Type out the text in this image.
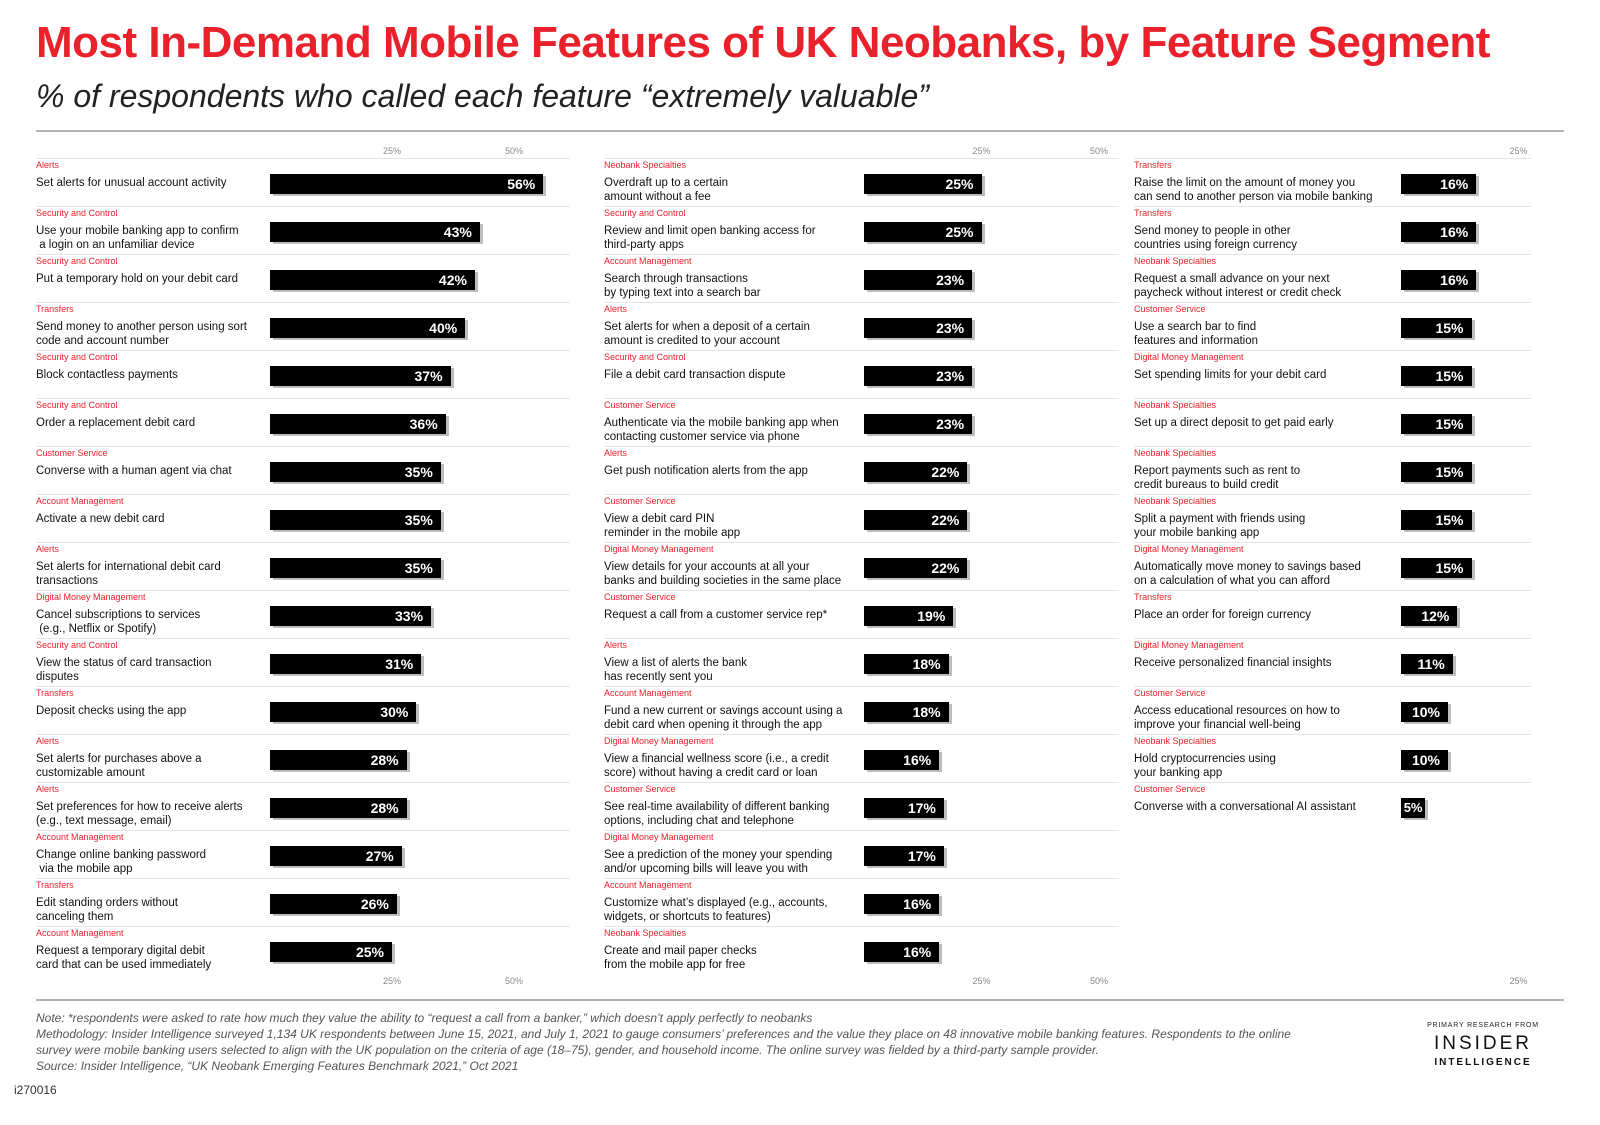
Most In-Demand Mobile Features of UK Neobanks, by Feature Segment
% of respondents who called each feature “extremely valuable”
25%
25%
50%
50%
Alerts
Set alerts for unusual account activity	56%
Security and Control
Use your mobile banking app to confirm
a login on an unfamiliar device
43%
Security and Control
Put a temporary hold on your debit card	42%
Transfers
Send money to another person using sort
code and account number
40%
Security and Control
Block contactless payments	37%
Security and Control
Order a replacement debit card	36%
Customer Service
Converse with a human agent via chat	35%
Account Management
Activate a new debit card	35%
Alerts
Set alerts for international debit card
transactions
35%
Digital Money Management
Cancel subscriptions to services
(e.g., Netflix or Spotify)
33%
Security and Control
View the status of card transaction
disputes
31%
Transfers
Deposit checks using the app	30%
Alerts
Set alerts for purchases above a
customizable amount
28%
Alerts
Set preferences for how to receive alerts
(e.g., text message, email)
28%
Account Management
Change online banking password
via the mobile app
27%
Transfers
Edit standing orders without
canceling them
26%
Account Management
Request a temporary digital debit
card that can be used immediately
25%
25%
25%
50%
50%
Neobank Specialties
Overdraft up to a certain
amount without a fee
25%
Security and Control
Review and limit open banking access for
third-party apps
25%
Account Management
Search through transactions
by typing text into a search bar
23%
Alerts
Set alerts for when a deposit of a certain
amount is credited to your account
23%
Security and Control
File a debit card transaction dispute	23%
Customer Service
Authenticate via the mobile banking app when
contacting customer service via phone
23%
Alerts
Get push notification alerts from the app	22%
Customer Service
View a debit card PIN
reminder in the mobile app
22%
Digital Money Management
View details for your accounts at all your
banks and building societies in the same place
22%
Customer Service
Request a call from a customer service rep*	19%
Alerts
View a list of alerts the bank
has recently sent you
18%
Account Management
Fund a new current or savings account using a
debit card when opening it through the app
18%
Digital Money Management
View a financial wellness score (i.e., a credit
score) without having a credit card or loan
16%
Customer Service
See real-time availability of different banking
options, including chat and telephone
17%
Digital Money Management
See a prediction of the money your spending
and/or upcoming bills will leave you with
17%
Account Management
Customize what’s displayed (e.g., accounts,
widgets, or shortcuts to features)
16%
Neobank Specialties
Create and mail paper checks
from the mobile app for free
16%
25%
25%
Transfers
Raise the limit on the amount of money you
can send to another person via mobile banking
16%
Transfers
Send money to people in other
countries using foreign currency
16%
Neobank Specialties
Request a small advance on your next
paycheck without interest or credit check
16%
Customer Service
Use a search bar to find
features and information
15%
Digital Money Management
Set spending limits for your debit card	15%
Neobank Specialties
Set up a direct deposit to get paid early	15%
Neobank Specialties
Report payments such as rent to
credit bureaus to build credit
15%
Neobank Specialties
Split a payment with friends using
your mobile banking app
15%
Digital Money Management
Automatically move money to savings based
on a calculation of what you can afford
15%
Transfers
Place an order for foreign currency	12%
Digital Money Management
Receive personalized financial insights	11%
Customer Service
Access educational resources on how to
improve your financial well-being
10%
Neobank Specialties
Hold cryptocurrencies using
your banking app
10%
Customer Service
Converse with a conversational AI assistant	5%
Note: *respondents were asked to rate how much they value the ability to “request a call from a banker,” which doesn’t apply perfectly to neobanks
Methodology: Insider Intelligence surveyed 1,134 UK respondents between June 15, 2021, and July 1, 2021 to gauge consumers’ preferences and the value they place on 48 innovative mobile banking features. Respondents to the online
survey were mobile banking users selected to align with the UK population on the criteria of age (18–75), gender, and household income. The online survey was fielded by a third-party sample provider.
Source: Insider Intelligence, “UK Neobank Emerging Features Benchmark 2021,” Oct 2021
i270016
PRIMARY RESEARCH FROM
INSIDER
INTELLIGENCE
